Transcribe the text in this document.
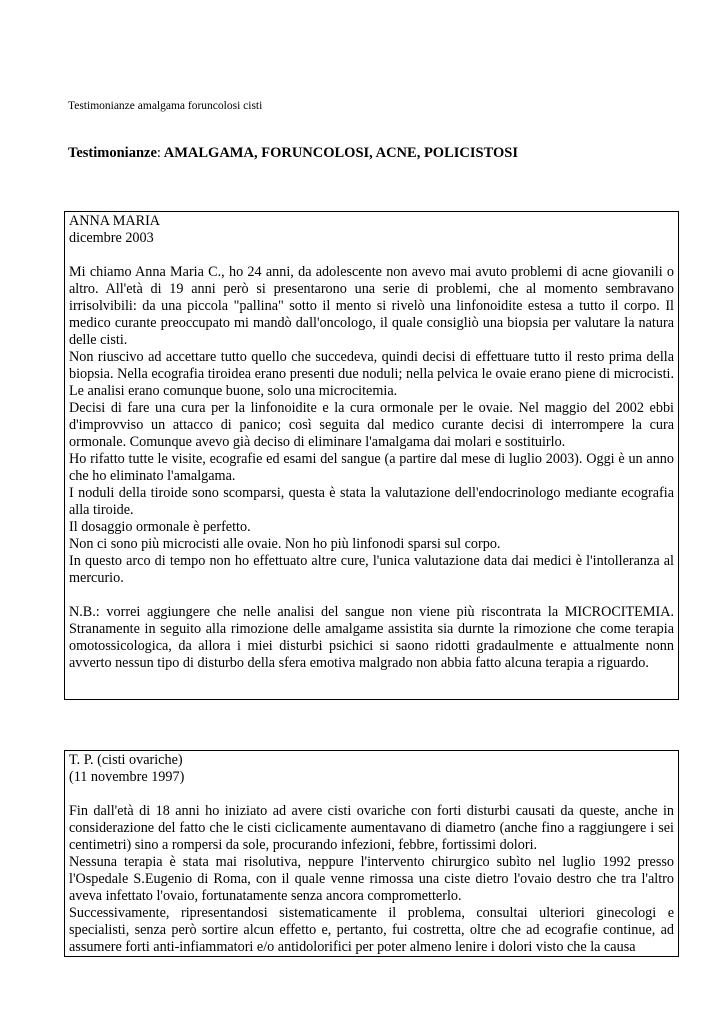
Testimonianze amalgama foruncolosi cisti
Testimonianze: AMALGAMA, FORUNCOLOSI, ACNE, POLICISTOSI

ANNA MARIA

dicembre 2003

Mi chiamo Anna Maria C., ho 24 anni, da adolescente non avevo mai avuto problemi di acne giovanili o altro. All'età di 19 anni però si presentarono una serie di problemi, che al momento sembravano irrisolvibili: da una piccola "pallina" sotto il mento si rivelò una linfonoidite estesa a tutto il corpo. Il medico curante preoccupato mi mandò dall'oncologo, il quale consigliò una biopsia per valutare la natura delle cisti.

Non riuscivo ad accettare tutto quello che succedeva, quindi decisi di effettuare tutto il resto prima della biopsia. Nella ecografia tiroidea erano presenti due noduli; nella pelvica le ovaie erano piene di microcisti. Le analisi erano comunque buone, solo una microcitemia.

Decisi di fare una cura per la linfonoidite e la cura ormonale per le ovaie. Nel maggio del 2002 ebbi d'improvviso un attacco di panico; così seguita dal medico curante decisi di interrompere la cura ormonale. Comunque avevo già deciso di eliminare l'amalgama dai molari e sostituirlo.

Ho rifatto tutte le visite, ecografie ed esami del sangue (a partire dal mese di luglio 2003). Oggi è un anno che ho eliminato l'amalgama.

I noduli della tiroide sono scomparsi, questa è stata la valutazione dell'endocrinologo mediante ecografia alla tiroide.

Il dosaggio ormonale è perfetto.

Non ci sono più microcisti alle ovaie. Non ho più linfonodi sparsi sul corpo.

In questo arco di tempo non ho effettuato altre cure, l'unica valutazione data dai medici è l'intolleranza al mercurio.

N.B.: vorrei aggiungere che nelle analisi del sangue non viene più riscontrata la MICROCITEMIA. Stranamente in seguito alla rimozione delle amalgame assistita sia durnte la rimozione che come terapia omotossicologica, da allora i miei disturbi psichici si saono ridotti gradaulmente e attualmente nonn avverto nessun tipo di disturbo della sfera emotiva malgrado non abbia fatto alcuna terapia a riguardo.

T. P. (cisti ovariche)

(11 novembre 1997)

Fin dall'età di 18 anni ho iniziato ad avere cisti ovariche con forti disturbi causati da queste, anche in considerazione del fatto che le cisti ciclicamente aumentavano di diametro (anche fino a raggiungere i sei centimetri) sino a rompersi da sole, procurando infezioni, febbre, fortissimi dolori.

Nessuna terapia è stata mai risolutiva, neppure l'intervento chirurgico subìto nel luglio 1992 presso l'Ospedale S.Eugenio di Roma, con il quale venne rimossa una ciste dietro l'ovaio destro che tra l'altro aveva infettato l'ovaio, fortunatamente senza ancora comprometterlo.

Successivamente, ripresentandosi sistematicamente il problema, consultai ulteriori ginecologi e specialisti, senza però sortire alcun effetto e, pertanto, fui costretta, oltre che ad ecografie continue, ad assumere forti anti-infiammatori e/o antidolorifici per poter almeno lenire i dolori visto che la causa
